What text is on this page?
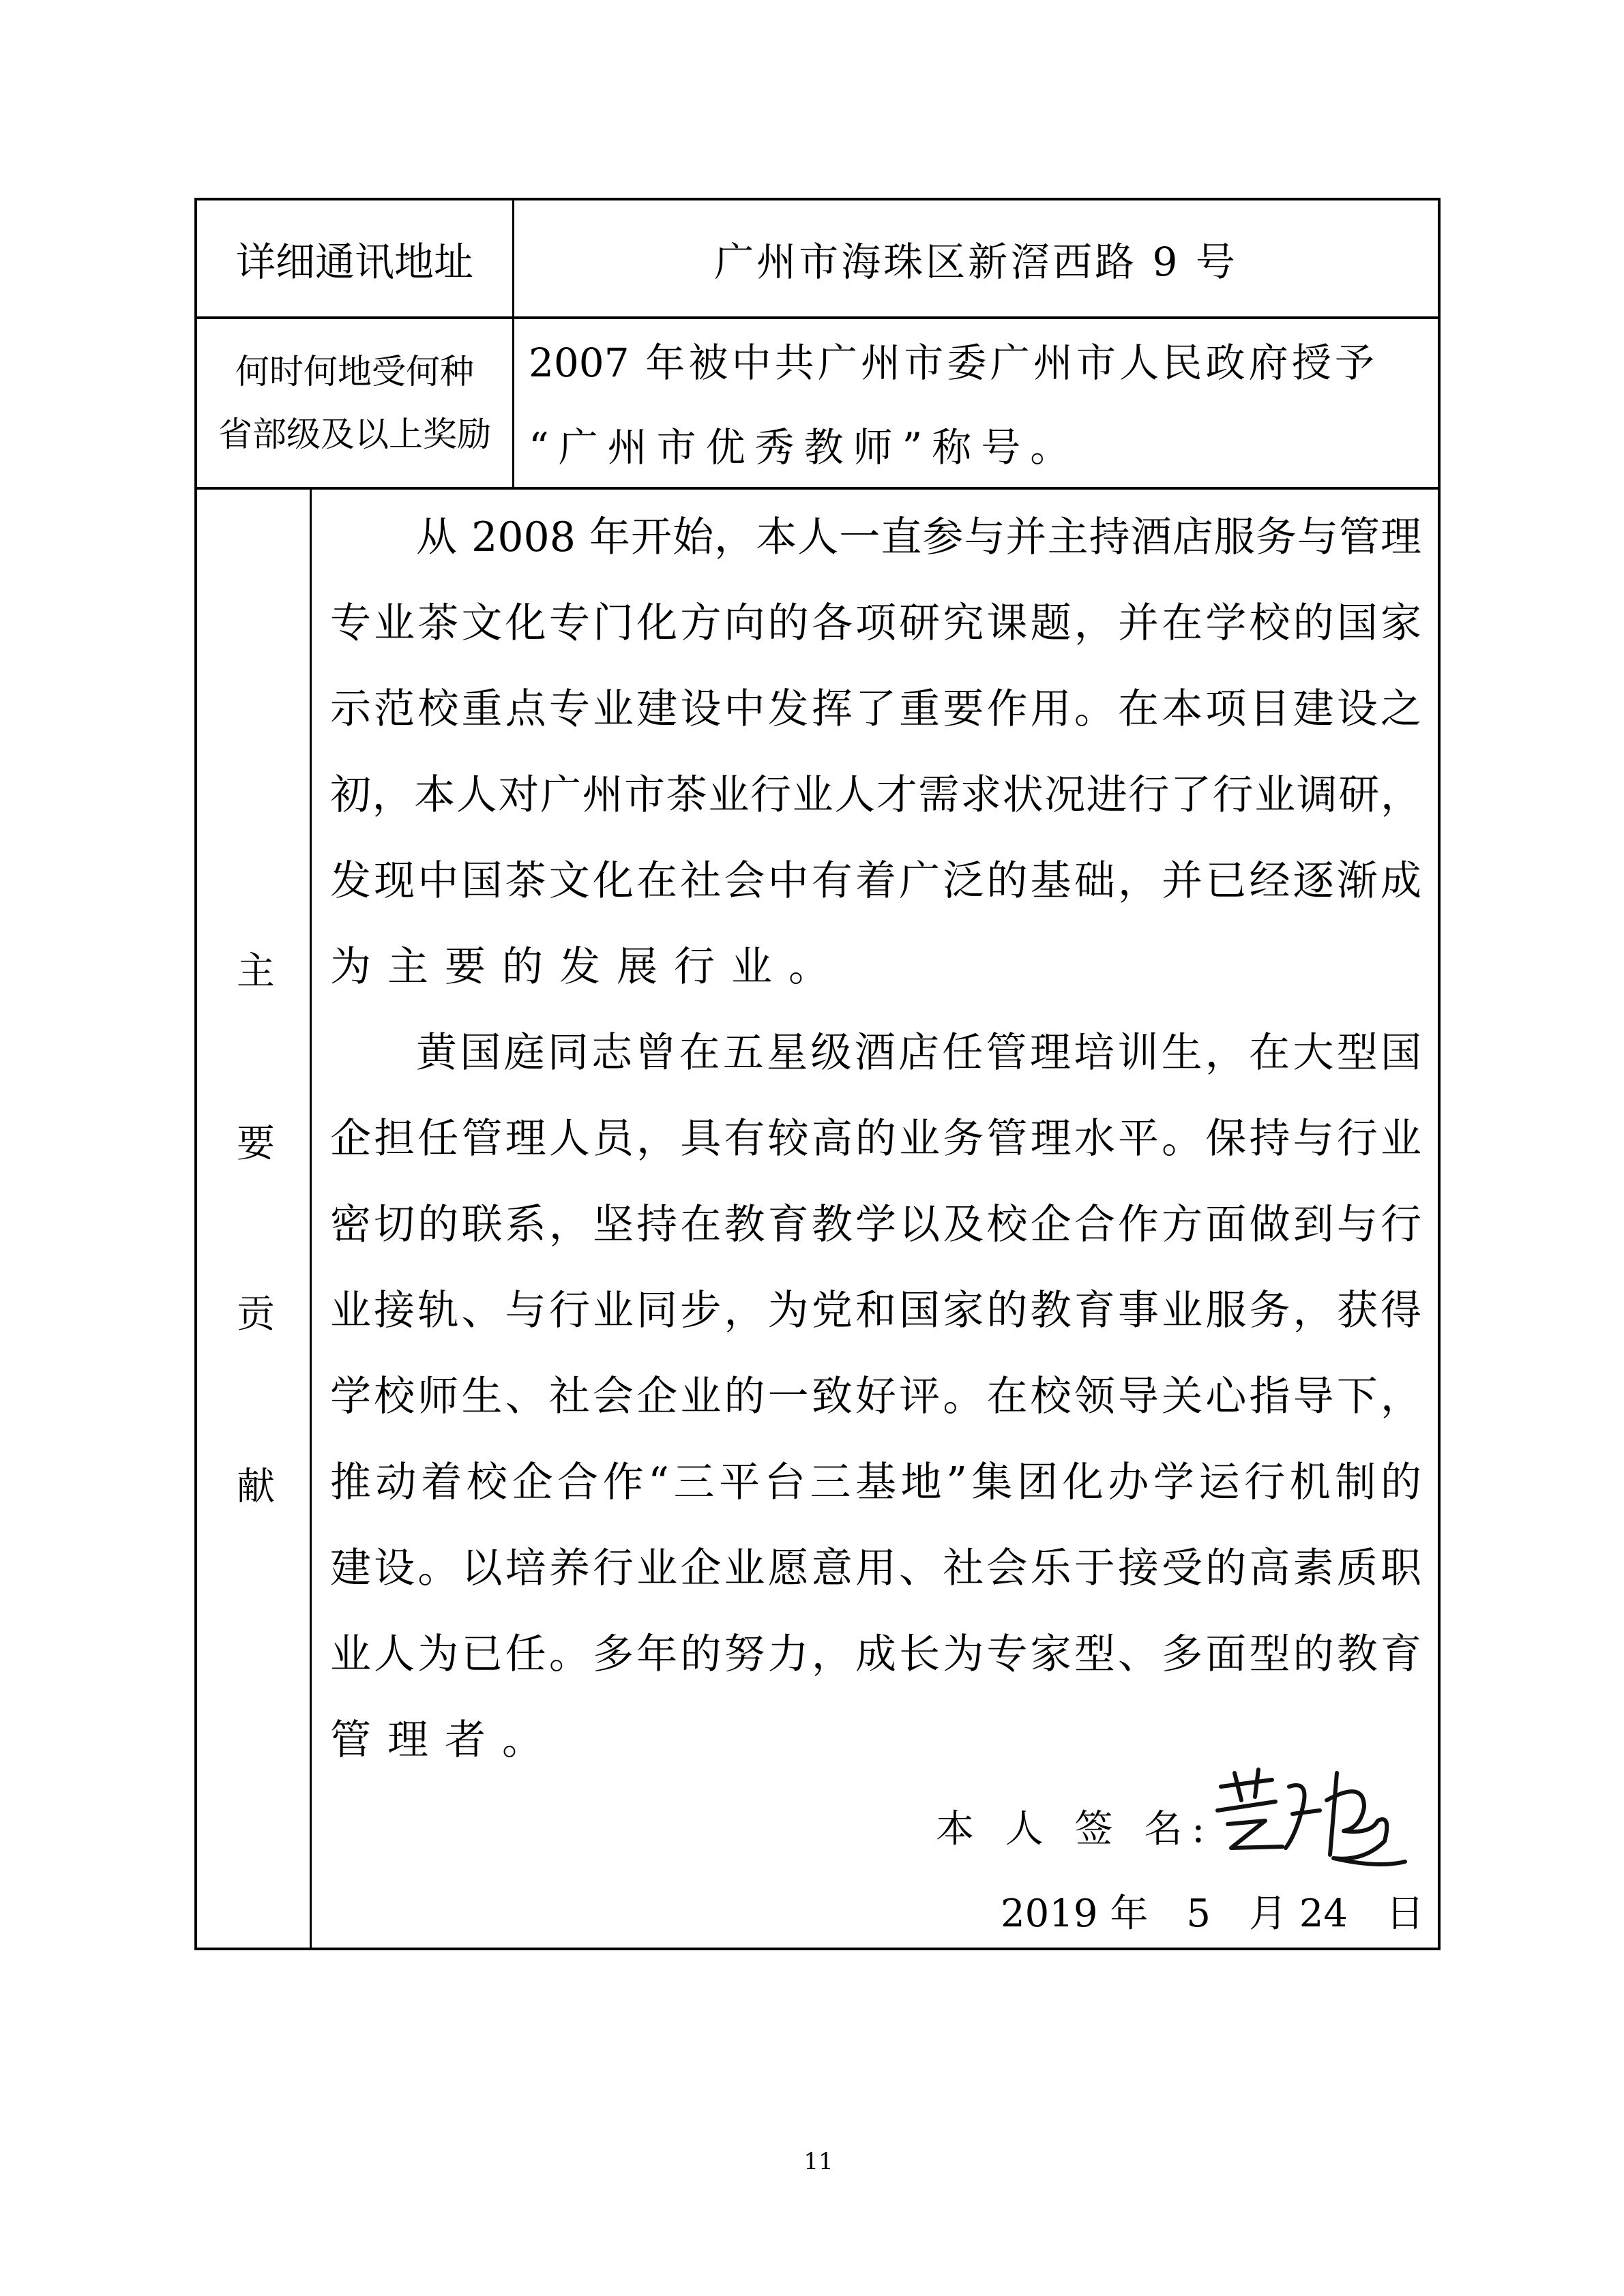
详细通讯地址	广州市海珠区新滘西路 9 号
何时何地受何种
省部级及以上奖励
2007 年被中共广州市委广州市人民政府授予
“广州市优秀教师”称号。
主
要
贡
献
从 2008 年开始，本人一直参与并主持酒店服务与管理
专业茶文化专门化方向的各项研究课题，并在学校的国家
示范校重点专业建设中发挥了重要作用。在本项目建设之
初，本人对广州市茶业行业人才需求状况进行了行业调研，
发现中国茶文化在社会中有着广泛的基础，并已经逐渐成
为主要的发展行业。
黄国庭同志曾在五星级酒店任管理培训生，在大型国
企担任管理人员，具有较高的业务管理水平。保持与行业
密切的联系，坚持在教育教学以及校企合作方面做到与行
业接轨、与行业同步，为党和国家的教育事业服务，获得
学校师生、社会企业的一致好评。在校领导关心指导下，
推动着校企合作“三平台三基地”集团化办学运行机制的
建设。以培养行业企业愿意用、社会乐于接受的高素质职
业人为已任。多年的努力，成长为专家型、多面型的教育
管理者。
本 人 签 名:
2019 年　5　月 24　日
11
